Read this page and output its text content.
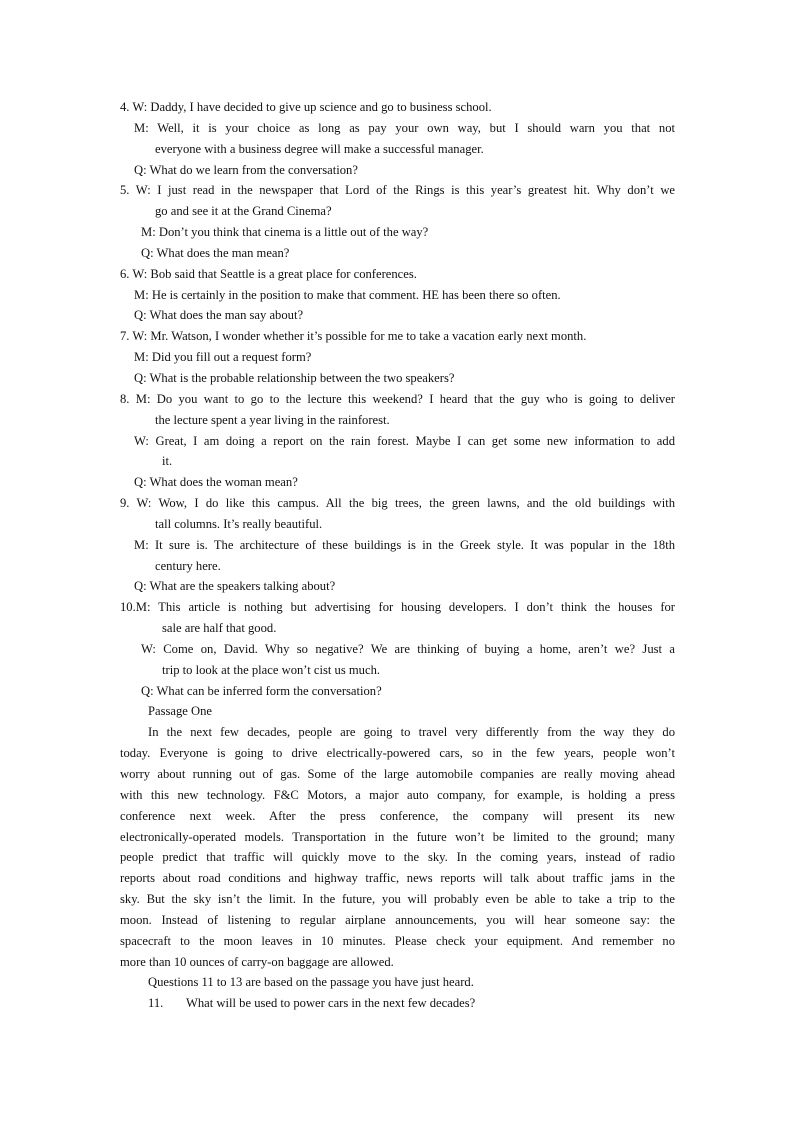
4. W: Daddy, I have decided to give up science and go to business school.
M: Well, it is your choice as long as pay your own way, but I should warn you that not
everyone with a business degree will make a successful manager.
Q: What do we learn from the conversation?
5. W: I just read in the newspaper that Lord of the Rings is this year’s greatest hit. Why don’t we
go and see it at the Grand Cinema?
M: Don’t you think that cinema is a little out of the way?
Q: What does the man mean?
6. W: Bob said that Seattle is a great place for conferences.
M: He is certainly in the position to make that comment. HE has been there so often.
Q: What does the man say about?
7. W: Mr. Watson, I wonder whether it’s possible for me to take a vacation early next month.
M: Did you fill out a request form?
Q: What is the probable relationship between the two speakers?
8. M: Do you want to go to the lecture this weekend? I heard that the guy who is going to deliver
the lecture spent a year living in the rainforest.
W: Great, I am doing a report on the rain forest. Maybe I can get some new information to add
it.
Q: What does the woman mean?
9. W: Wow, I do like this campus. All the big trees, the green lawns, and the old buildings with
tall columns. It’s really beautiful.
M: It sure is. The architecture of these buildings is in the Greek style. It was popular in the 18th
century here.
Q: What are the speakers talking about?
10.M: This article is nothing but advertising for housing developers. I don’t think the houses for
sale are half that good.
W: Come on, David. Why so negative? We are thinking of buying a home, aren’t we? Just a
trip to look at the place won’t cist us much.
Q: What can be inferred form the conversation?
Passage One
In the next few decades, people are going to travel very differently from the way they do
today. Everyone is going to drive electrically-powered cars, so in the few years, people won’t
worry about running out of gas. Some of the large automobile companies are really moving ahead
with this new technology. F&C Motors, a major auto company, for example, is holding a press
conference next week. After the press conference, the company will present its new
electronically-operated models. Transportation in the future won’t be limited to the ground; many
people predict that traffic will quickly move to the sky. In the coming years, instead of radio
reports about road conditions and highway traffic, news reports will talk about traffic jams in the
sky. But the sky isn’t the limit. In the future, you will probably even be able to take a trip to the
moon. Instead of listening to regular airplane announcements, you will hear someone say: the
spacecraft to the moon leaves in 10 minutes. Please check your equipment. And remember no
more than 10 ounces of carry-on baggage are allowed.
Questions 11 to 13 are based on the passage you have just heard.
11. What will be used to power cars in the next few decades?
